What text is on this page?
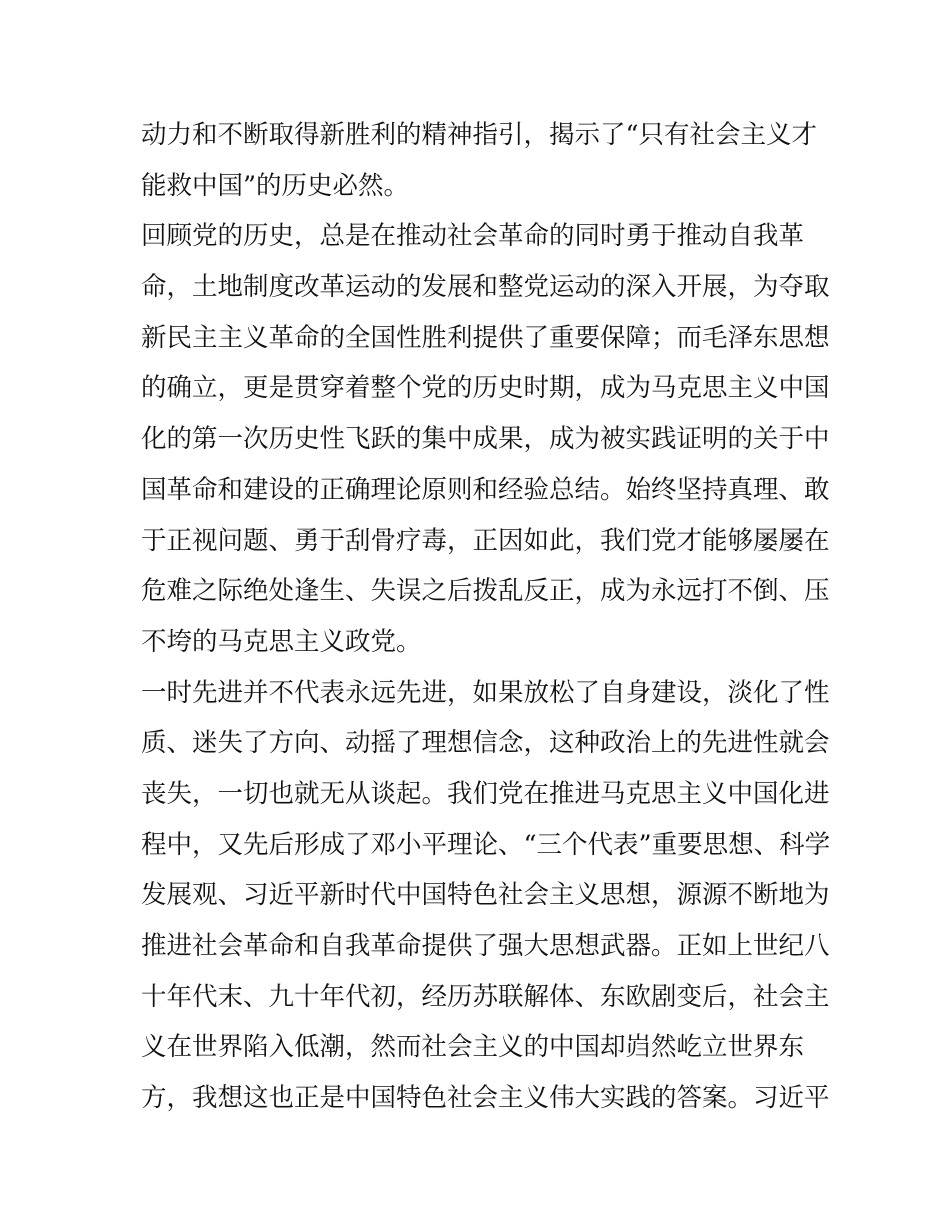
动力和不断取得新胜利的精神指引，揭示了“只有社会主义才
能救中国”的历史必然。
回顾党的历史，总是在推动社会革命的同时勇于推动自我革
命，土地制度改革运动的发展和整党运动的深入开展，为夺取
新民主主义革命的全国性胜利提供了重要保障；而毛泽东思想
的确立，更是贯穿着整个党的历史时期，成为马克思主义中国
化的第一次历史性飞跃的集中成果，成为被实践证明的关于中
国革命和建设的正确理论原则和经验总结。始终坚持真理、敢
于正视问题、勇于刮骨疗毒，正因如此，我们党才能够屡屡在
危难之际绝处逢生、失误之后拨乱反正，成为永远打不倒、压
不垮的马克思主义政党。
一时先进并不代表永远先进，如果放松了自身建设，淡化了性
质、迷失了方向、动摇了理想信念，这种政治上的先进性就会
丧失，一切也就无从谈起。我们党在推进马克思主义中国化进
程中，又先后形成了邓小平理论、“三个代表”重要思想、科学
发展观、习近平新时代中国特色社会主义思想，源源不断地为
推进社会革命和自我革命提供了强大思想武器。正如上世纪八
十年代末、九十年代初，经历苏联解体、东欧剧变后，社会主
义在世界陷入低潮，然而社会主义的中国却岿然屹立世界东
方，我想这也正是中国特色社会主义伟大实践的答案。习近平
